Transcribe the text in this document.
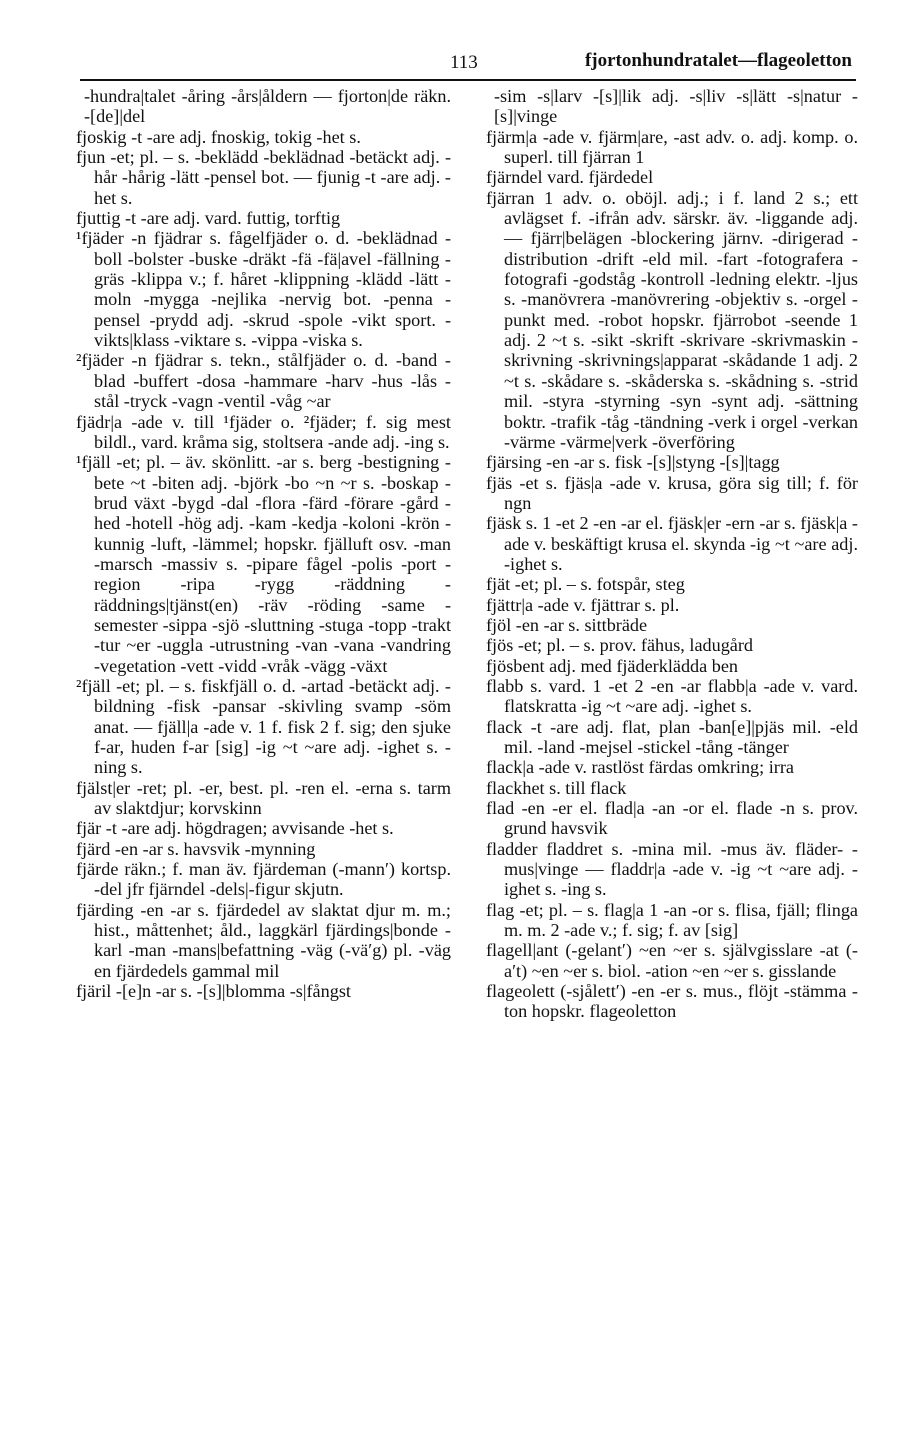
113	fjortonhundratalet—flageoletton

-hundra|talet -åring -års|åldern — fjorton|de räkn. -[de]|del

fjoskig -t -are adj. fnoskig, tokig -het s.

fjun -et; pl. – s. -beklädd -beklädnad -betäckt adj. -hår -hårig -lätt -pensel bot. — fjunig -t -are adj. -het s.

fjuttig -t -are adj. vard. futtig, torftig

¹fjäder -n fjädrar s. fågelfjäder o. d. -beklädnad -boll -bolster -buske -dräkt -fä -fä|avel -fällning -gräs -klippa v.; f. håret -klippning -klädd -lätt -moln -mygga -nejlika -nervig bot. -penna -pensel -prydd adj. -skrud -spole -vikt sport. -vikts|klass -viktare s. -vippa -viska s.

²fjäder -n fjädrar s. tekn., stålfjäder o. d. -band -blad -buffert -dosa -hammare -harv -hus -lås -stål -tryck -vagn -ventil -våg ~ar

fjädr|a -ade v. till ¹fjäder o. ²fjäder; f. sig mest bildl., vard. kråma sig, stoltsera -ande adj. -ing s.

¹fjäll -et; pl. – äv. skönlitt. -ar s. berg -bestigning -bete ~t -biten adj. -björk -bo ~n ~r s. -boskap -brud växt -bygd -dal -flora -färd -förare -gård -hed -hotell -hög adj. -kam -kedja -koloni -krön -kunnig -luft, -lämmel; hopskr. fjälluft osv. -man -marsch -massiv s. -pipare fågel -polis -port -region -ripa -rygg -räddning -räddnings|tjänst(en) -räv -röding -same -semester -sippa -sjö -sluttning -stuga -topp -trakt -tur ~er -uggla -utrustning -van -vana -vandring -vegetation -vett -vidd -vråk -vägg -växt

²fjäll -et; pl. – s. fiskfjäll o. d. -artad -betäckt adj. -bildning -fisk -pansar -skivling svamp -söm anat. — fjäll|a -ade v. 1 f. fisk 2 f. sig; den sjuke f-ar, huden f-ar [sig] -ig ~t ~are adj. -ighet s. -ning s.

fjälst|er -ret; pl. -er, best. pl. -ren el. -erna s. tarm av slaktdjur; korvskinn

fjär -t -are adj. högdragen; avvisande -het s.

fjärd -en -ar s. havsvik -mynning

fjärde räkn.; f. man äv. fjärdeman (-mann′) kortsp. -del jfr fjärndel -dels|-figur skjutn.

fjärding -en -ar s. fjärdedel av slaktat djur m. m.; hist., måttenhet; åld., laggkärl fjärdings|bonde -karl -man -mans|befattning -väg (-vä′g) pl. -väg en fjärdedels gammal mil

fjäril -[e]n -ar s. -[s]|blomma -s|fångst

-sim -s|larv -[s]|lik adj. -s|liv -s|lätt -s|natur -[s]|vinge

fjärm|a -ade v. fjärm|are, -ast adv. o. adj. komp. o. superl. till fjärran 1

fjärndel vard. fjärdedel

fjärran 1 adv. o. oböjl. adj.; i f. land 2 s.; ett avlägset f. -ifrån adv. särskr. äv. -liggande adj. — fjärr|belägen -blockering järnv. -dirigerad -distribution -drift -eld mil. -fart -fotografera -fotografi -godståg -kontroll -ledning elektr. -ljus s. -manövrera -manövrering -objektiv s. -orgel -punkt med. -robot hopskr. fjärrobot -seende 1 adj. 2 ~t s. -sikt -skrift -skrivare -skrivmaskin -skrivning -skrivnings|apparat -skådande 1 adj. 2 ~t s. -skådare s. -skåderska s. -skådning s. -strid mil. -styra -styrning -syn -synt adj. -sättning boktr. -trafik -tåg -tändning -verk i orgel -verkan -värme -värme|verk -överföring

fjärsing -en -ar s. fisk -[s]|styng -[s]|tagg

fjäs -et s. fjäs|a -ade v. krusa, göra sig till; f. för ngn

fjäsk s. 1 -et 2 -en -ar el. fjäsk|er -ern -ar s. fjäsk|a -ade v. beskäftigt krusa el. skynda -ig ~t ~are adj. -ighet s.

fjät -et; pl. – s. fotspår, steg

fjättr|a -ade v. fjättrar s. pl.

fjöl -en -ar s. sittbräde

fjös -et; pl. – s. prov. fähus, ladugård

fjösbent adj. med fjäderklädda ben

flabb s. vard. 1 -et 2 -en -ar flabb|a -ade v. vard. flatskratta -ig ~t ~are adj. -ighet s.

flack -t -are adj. flat, plan -ban[e]|pjäs mil. -eld mil. -land -mejsel -stickel -tång -tänger

flack|a -ade v. rastlöst färdas omkring; irra

flackhet s. till flack

flad -en -er el. flad|a -an -or el. flade -n s. prov. grund havsvik

fladder fladdret s. -mina mil. -mus äv. fläder- -mus|vinge — fladdr|a -ade v. -ig ~t ~are adj. -ighet s. -ing s.

flag -et; pl. – s. flag|a 1 -an -or s. flisa, fjäll; flinga m. m. 2 -ade v.; f. sig; f. av [sig]

flagell|ant (-gelant′) ~en ~er s. självgisslare -at (-a′t) ~en ~er s. biol. -ation ~en ~er s. gisslande

flageolett (-sjålett′) -en -er s. mus., flöjt -stämma -ton hopskr. flageoletton
